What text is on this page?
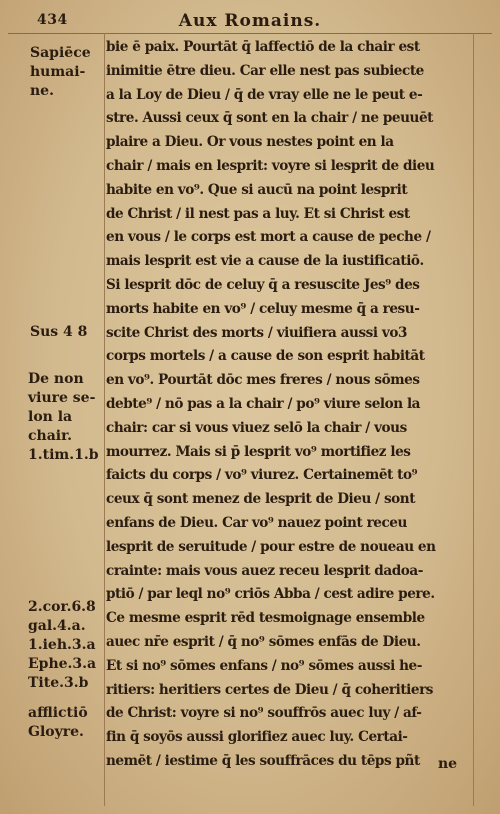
434	Aux Romains.
Sapiēce
humai-
ne.
Sus 4 8
De non
viure se-
lon la
chair.
1.tim.1.b
2.cor.6.8
gal.4.a.
1.ieh.3.a
Ephe.3.a
Tite.3.b
afflictiō
Gloyre.
bie ē paix. Pourtāt q̄ laffectiō de la chair est
inimitie ētre dieu. Car elle nest pas subiecte
a la Loy de Dieu / q̄ de vray elle ne le peut e-
stre. Aussi ceux q̄ sont en la chair / ne peuuēt
plaire a Dieu. Or vous nestes point en la
chair / mais en lesprit: voyre si lesprit de dieu
habite en vo⁹. Que si aucū na point lesprit
de Christ / il nest pas a luy. Et si Christ est
en vous / le corps est mort a cause de peche /
mais lesprit est vie a cause de la iustificatiō.
Si lesprit dōc de celuy q̄ a resuscite Jes⁹ des
morts habite en vo⁹ / celuy mesme q̄ a resu-
scite Christ des morts / viuifiera aussi vo3
corps mortels / a cause de son esprit habitāt
en vo⁹. Pourtāt dōc mes freres / nous sōmes
debte⁹ / nō pas a la chair / po⁹ viure selon la
chair: car si vous viuez selō la chair / vous
mourrez. Mais si p̄ lesprit vo⁹ mortifiez les
faicts du corps / vo⁹ viurez. Certainemēt to⁹
ceux q̄ sont menez de lesprit de Dieu / sont
enfans de Dieu. Car vo⁹ nauez point receu
lesprit de seruitude / pour estre de noueau en
crainte: mais vous auez receu lesprit dadoa-
ptiō / par leql no⁹ criōs Abba / cest adire pere.
Ce mesme esprit rēd tesmoignage ensemble
auec nr̄e esprit / q̄ no⁹ sōmes enfās de Dieu.
Et si no⁹ sōmes enfans / no⁹ sōmes aussi he-
ritiers: heritiers certes de Dieu / q̄ coheritiers
de Christ: voyre si no⁹ souffrōs auec luy / af-
fin q̄ soyōs aussi glorifiez auec luy. Certai-
nemēt / iestime q̄ les souffrāces du tēps pñt	ne
